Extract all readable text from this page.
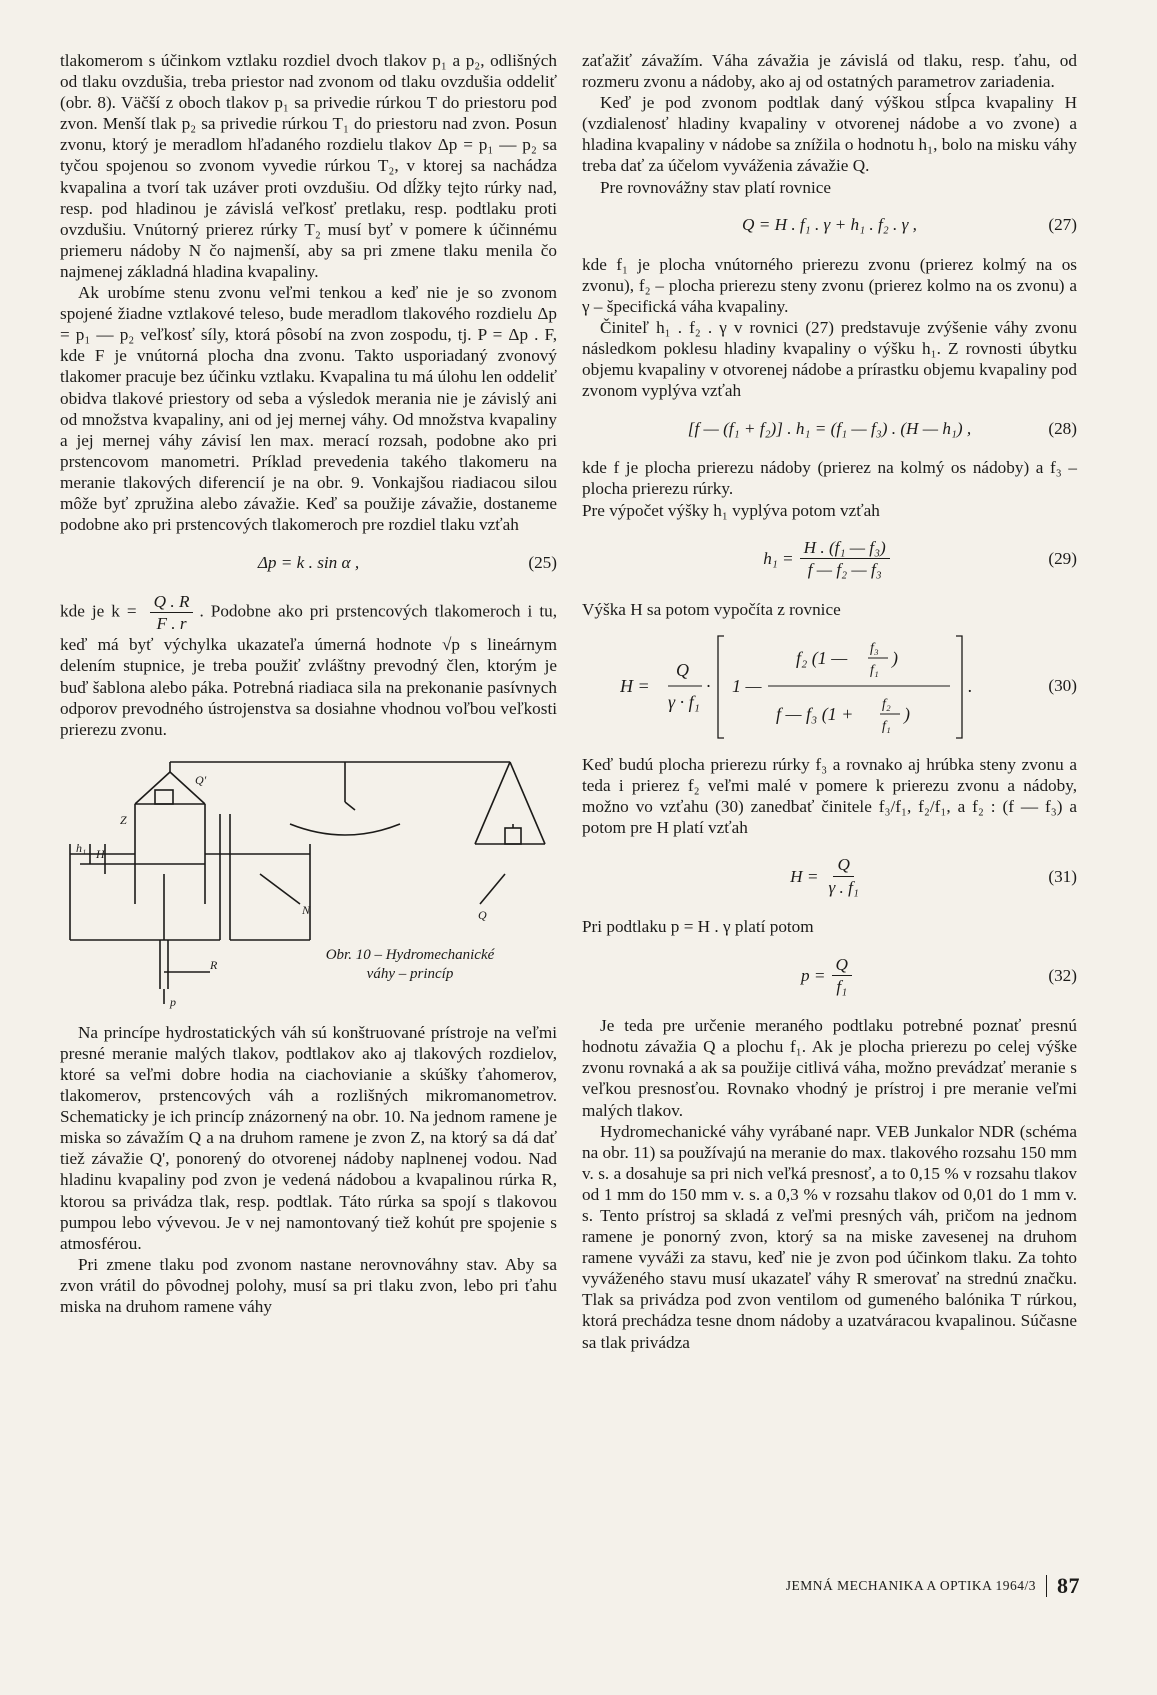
tlakomerom s účinkom vztlaku rozdiel dvoch tlakov p₁ a p₂, odlišných od tlaku ovzdušia, treba priestor nad zvonom od tlaku ovzdušia oddeliť (obr. 8). Väčší z oboch tlakov p₁ sa privedie rúrkou T do priestoru pod zvon. Menší tlak p₂ sa privedie rúrkou T₁ do priestoru nad zvon. Posun zvonu, ktorý je meradlom hľadaného rozdielu tlakov Δp = p₁ — p₂ sa tyčou spojenou so zvonom vyvedie rúrkou T₂, v ktorej sa nachádza kvapalina a tvorí tak uzáver proti ovzdušiu. Od dĺžky tejto rúrky nad, resp. pod hladinou je závislá veľkosť pretlaku, resp. podtlaku proti ovzdušiu. Vnútorný prierez rúrky T₂ musí byť v pomere k účinnému priemeru nádoby N čo najmenší, aby sa pri zmene tlaku menila čo najmenej základná hladina kvapaliny.

Ak urobíme stenu zvonu veľmi tenkou a keď nie je so zvonom spojené žiadne vztlakové teleso, bude meradlom tlakového rozdielu Δp = p₁ — p₂ veľkosť síly, ktorá pôsobí na zvon zospodu, tj. P = Δp . F, kde F je vnútorná plocha dna zvonu. Takto usporiadaný zvonový tlakomer pracuje bez účinku vztlaku. Kvapalina tu má úlohu len oddeliť obidva tlakové priestory od seba a výsledok merania nie je závislý ani od množstva kvapaliny, ani od jej mernej váhy. Od množstva kvapaliny a jej mernej váhy závisí len max. merací rozsah, podobne ako pri prstencovom manometri. Príklad prevedenia takého tlakomeru na meranie tlakových diferencií je na obr. 9. Vonkajšou riadiacou silou môže byť zpružina alebo závažie. Keď sa použije závažie, dostaneme podobne ako pri prstencových tlakomeroch pre rozdiel tlaku vzťah

Δp = k . sin α ,	(25)

kde je $k = \frac{Q . R}{F . r}$ . Podobne ako pri prstencových tlakomeroch i tu, keď má byť výchylka ukazateľa úmerná hodnote √p s lineárnym delením stupnice, je treba použiť zvláštny prevodný člen, ktorým je buď šablona alebo páka. Potrebná riadiaca sila na prekonanie pasívnych odporov prevodného ústrojenstva sa dosiahne vhodnou voľbou veľkosti prierezu zvonu.

Q'
Z
h₁ H
N	Q
R
p
Obr. 10 – Hydromechanické
váhy – princíp

Na princípe hydrostatických váh sú konštruované prístroje na veľmi presné meranie malých tlakov, podtlakov ako aj tlakových rozdielov, ktoré sa veľmi dobre hodia na ciachovianie a skúšky ťahomerov, tlakomerov, prstencových váh a rozlišných mikromanometrov. Schematicky je ich princíp znázornený na obr. 10. Na jednom ramene je miska so závažím Q a na druhom ramene je zvon Z, na ktorý sa dá dať tiež závažie Q', ponorený do otvorenej nádoby naplnenej vodou. Nad hladinu kvapaliny pod zvon je vedená nádobou a kvapalinou rúrka R, ktorou sa privádza tlak, resp. podtlak. Táto rúrka sa spojí s tlakovou pumpou lebo vývevou. Je v nej namontovaný tiež kohút pre spojenie s atmosférou.

Pri zmene tlaku pod zvonom nastane nerovnováhny stav. Aby sa zvon vrátil do pôvodnej polohy, musí sa pri tlaku zvon, lebo pri ťahu miska na druhom ramene váhy

zaťažiť závažím. Váha závažia je závislá od tlaku, resp. ťahu, od rozmeru zvonu a nádoby, ako aj od ostatných parametrov zariadenia.

Keď je pod zvonom podtlak daný výškou stĺpca kvapaliny H (vzdialenosť hladiny kvapaliny v otvorenej nádobe a vo zvone) a hladina kvapaliny v nádobe sa znížila o hodnotu h₁, bolo na misku váhy treba dať za účelom vyváženia závažie Q.

Pre rovnovážny stav platí rovnice

Q = H . f₁ . γ + h₁ . f₂ . γ ,	(27)

kde f₁ je plocha vnútorného prierezu zvonu (prierez kolmý na os zvonu), f₂ – plocha prierezu steny zvonu (prierez kolmo na os zvonu) a γ – špecifická váha kvapaliny.

Činiteľ h₁ . f₂ . γ v rovnici (27) predstavuje zvýšenie váhy zvonu následkom poklesu hladiny kvapaliny o výšku h₁. Z rovnosti úbytku objemu kvapaliny v otvorenej nádobe a prírastku objemu kvapaliny pod zvonom vyplýva vzťah

[f — (f₁ + f₂)] . h₁ = (f₁ — f₃) . (H — h₁) ,	(28)

kde f je plocha prierezu nádoby (prierez na kolmý os nádoby) a f₃ – plocha prierezu rúrky.

Pre výpočet výšky h₁ vyplýva potom vzťah

$h_1 = \frac{\text{H . (f₁ — f₃)}}{\text{f — f₂ — f₃}}$	(29)

Výška H sa potom vypočíta z rovnice

H =
Q
γ · f₁
· 1 —
f₂ (1 — f₃
f₁
)
f — f₃ (1 + f₂
f₁
)
.	(30)

Keď budú plocha prierezu rúrky f₃ a rovnako aj hrúbka steny zvonu a teda i prierez f₂ veľmi malé v pomere k prierezu zvonu a nádoby, možno vo vzťahu (30) zanedbať činitele f₃/f₁, f₂/f₁, a f₂ : (f — f₃) a potom pre H platí vzťah

$H = \frac{Q}{\text{γ . f₁}}$	(31)

Pri podtlaku p = H . γ platí potom

$p = \frac{Q}{\text{f₁}}$	(32)

Je teda pre určenie meraného podtlaku potrebné poznať presnú hodnotu závažia Q a plochu f₁. Ak je plocha prierezu po celej výške zvonu rovnaká a ak sa použije citlivá váha, možno prevádzať meranie s veľkou presnosťou. Rovnako vhodný je prístroj i pre meranie veľmi malých tlakov.

Hydromechanické váhy vyrábané napr. VEB Junkalor NDR (schéma na obr. 11) sa používajú na meranie do max. tlakového rozsahu 150 mm v. s. a dosahuje sa pri nich veľká presnosť, a to 0,15 % v rozsahu tlakov od 1 mm do 150 mm v. s. a 0,3 % v rozsahu tlakov od 0,01 do 1 mm v. s. Tento prístroj sa skladá z veľmi presných váh, pričom na jednom ramene je ponorný zvon, ktorý sa na miske zavesenej na druhom ramene vyváži za stavu, keď nie je zvon pod účinkom tlaku. Za tohto vyváženého stavu musí ukazateľ váhy R smerovať na strednú značku. Tlak sa privádza pod zvon ventilom od gumeného balónika T rúrkou, ktorá prechádza tesne dnom nádoby a uzatváracou kvapalinou. Súčasne sa tlak privádza

JEMNÁ MECHANIKA A OPTIKA 1964/3 87
